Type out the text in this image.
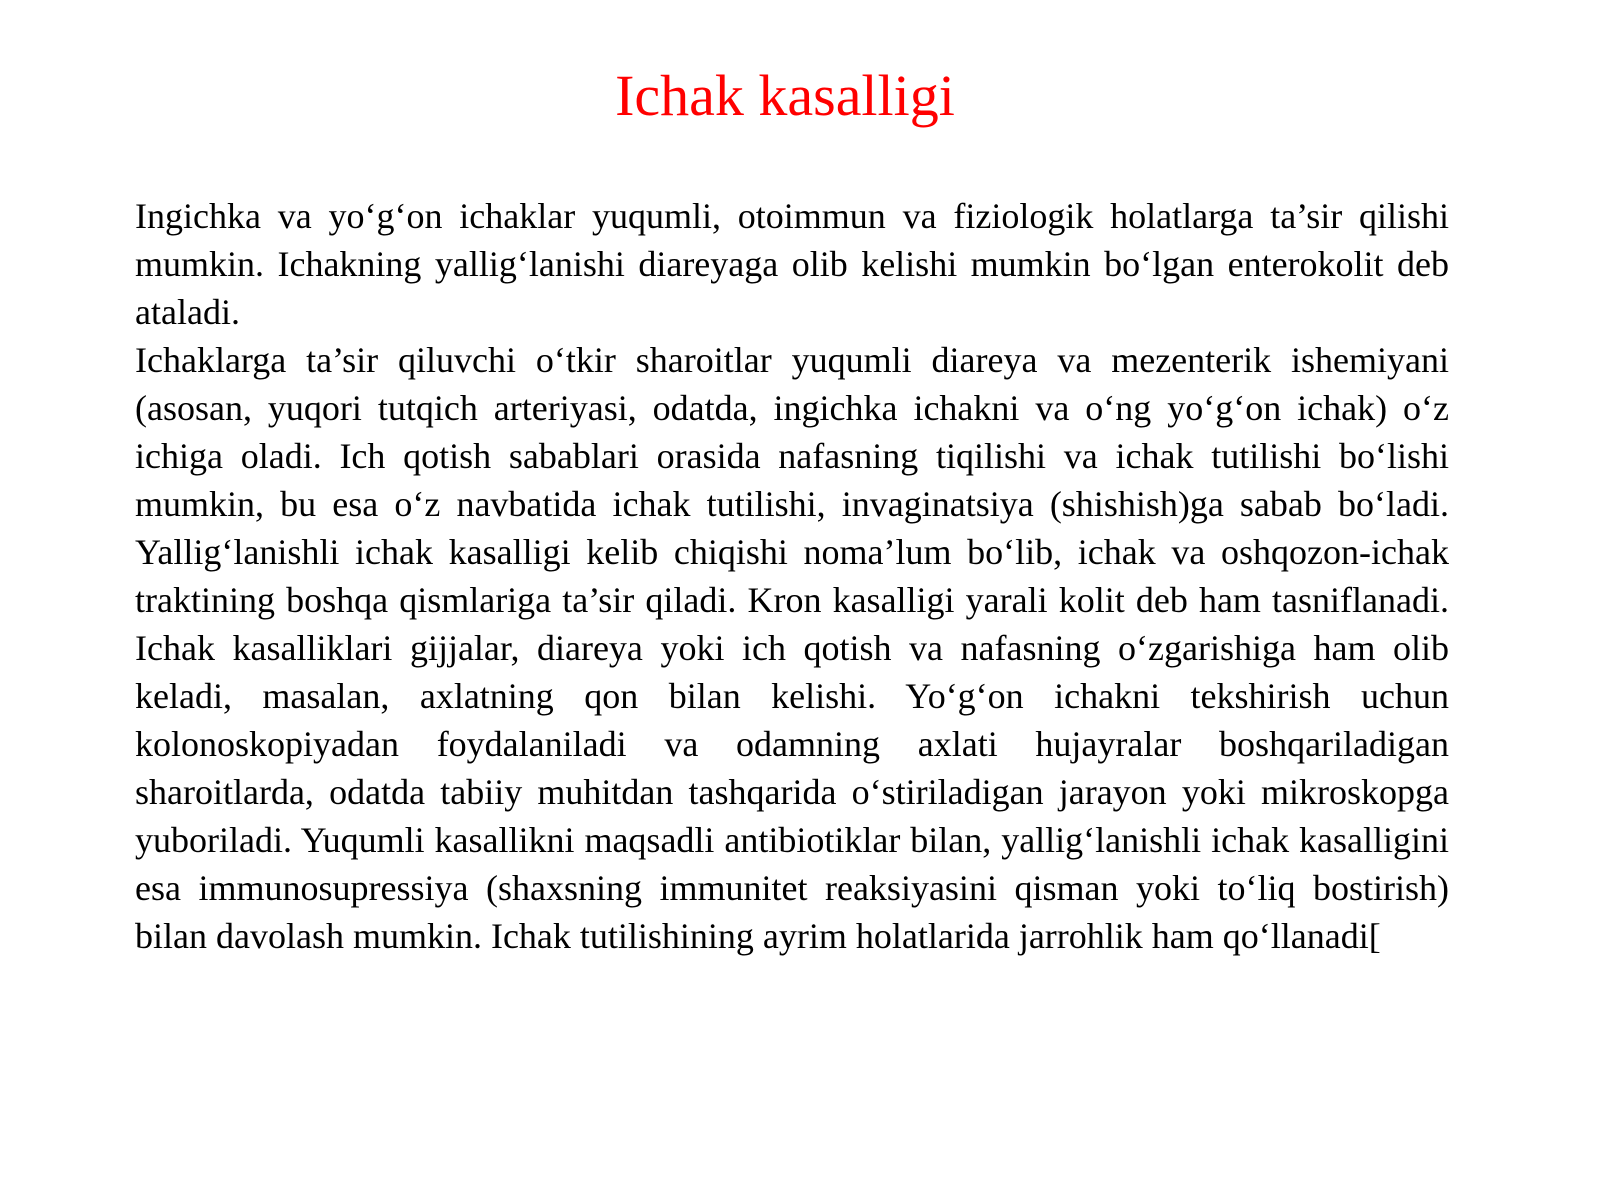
Ichak kasalligi

Ingichka va yo‘g‘on ichaklar yuqumli, otoimmun va fiziologik holatlarga ta’sir qilishi mumkin. Ichakning yallig‘lanishi diareyaga olib kelishi mumkin bo‘lgan enterokolit deb ataladi.

Ichaklarga ta’sir qiluvchi o‘tkir sharoitlar yuqumli diareya va mezenterik ishemiyani (asosan, yuqori tutqich arteriyasi, odatda, ingichka ichakni va o‘ng yo‘g‘on ichak) o‘z ichiga oladi. Ich qotish sabablari orasida nafasning tiqilishi va ichak tutilishi bo‘lishi mumkin, bu esa o‘z navbatida ichak tutilishi, invaginatsiya (shishish)ga sabab bo‘ladi. Yallig‘lanishli ichak kasalligi kelib chiqishi noma’lum bo‘lib, ichak va oshqozon-ichak traktining boshqa qismlariga ta’sir qiladi. Kron kasalligi yarali kolit deb ham tasniflanadi. Ichak kasalliklari gijjalar, diareya yoki ich qotish va nafasning o‘zgarishiga ham olib keladi, masalan, axlatning qon bilan kelishi. Yo‘g‘on ichakni tekshirish uchun kolonoskopiyadan foydalaniladi va odamning axlati hujayralar boshqariladigan sharoitlarda, odatda tabiiy muhitdan tashqarida o‘stiriladigan jarayon yoki mikroskopga yuboriladi. Yuqumli kasallikni maqsadli antibiotiklar bilan, yallig‘lanishli ichak kasalligini esa immunosupressiya (shaxsning immunitet reaksiyasini qisman yoki to‘liq bostirish) bilan davolash mumkin. Ichak tutilishining ayrim holatlarida jarrohlik ham qo‘llanadi[
